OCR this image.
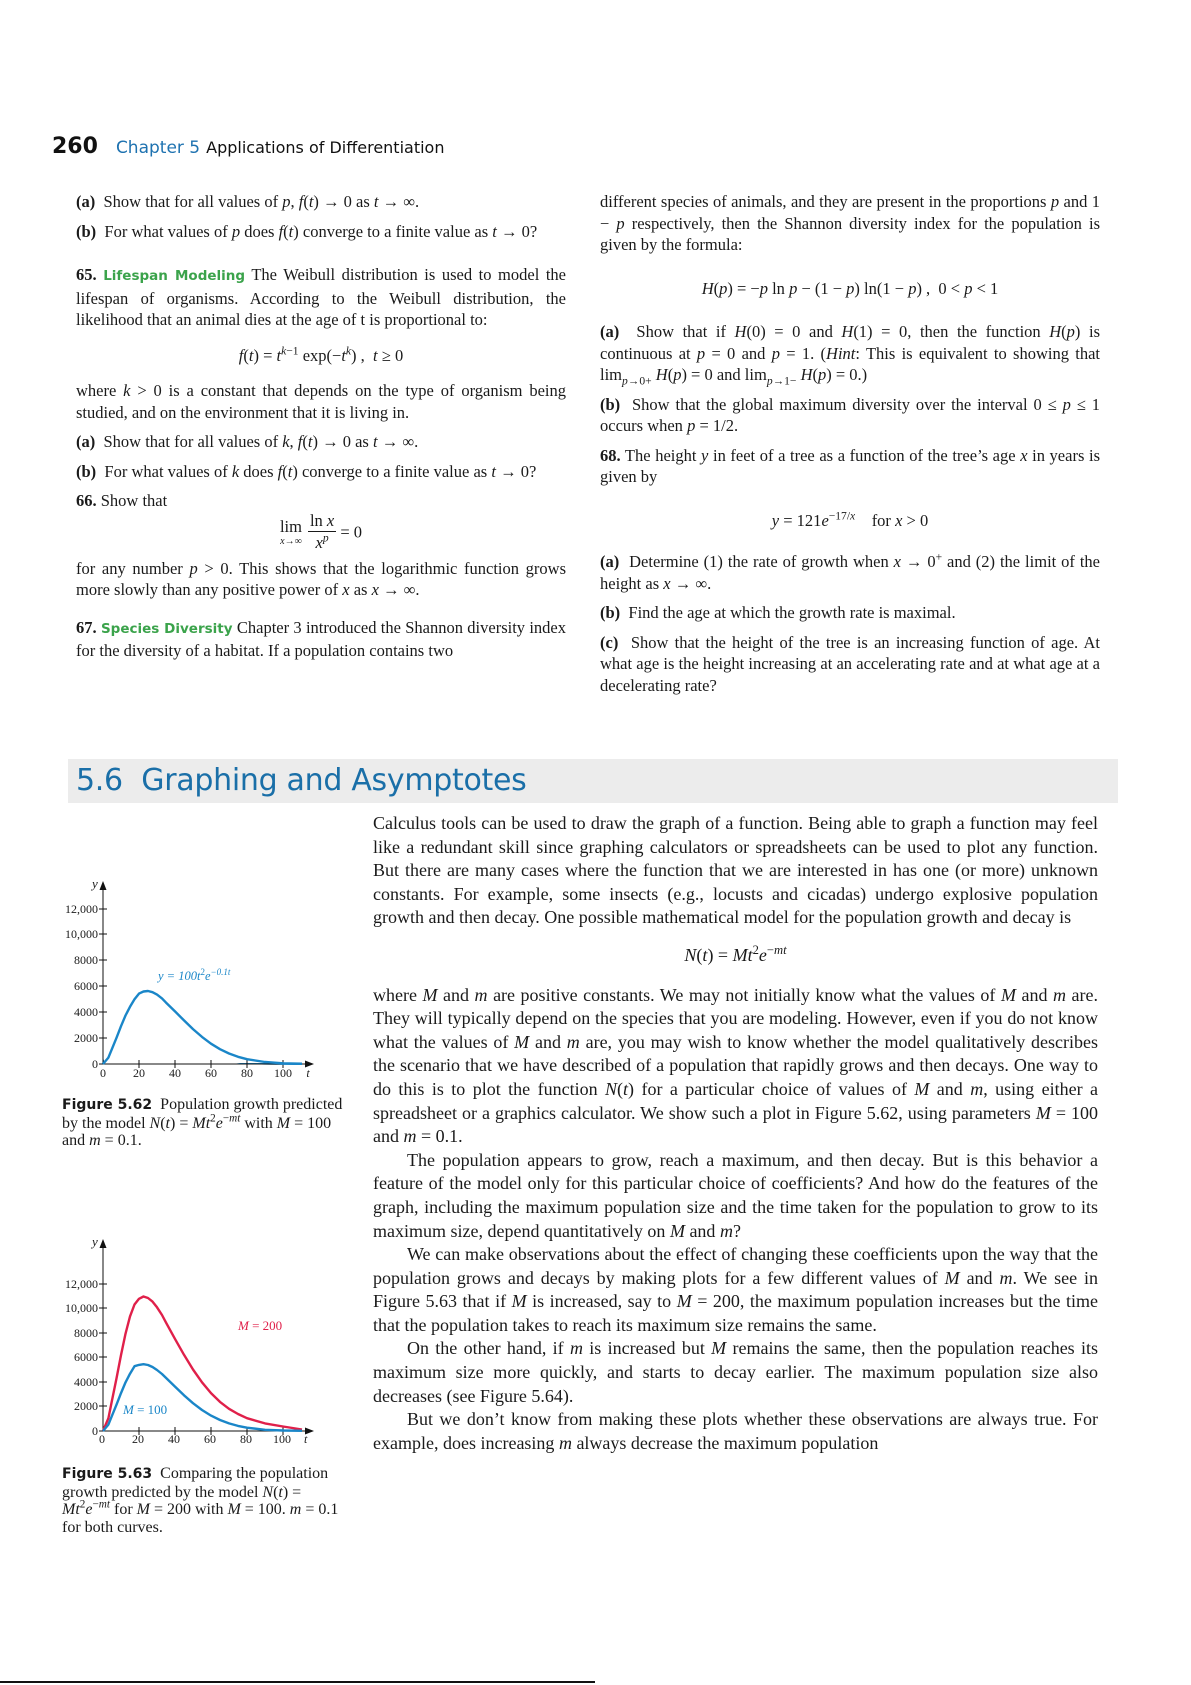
260 Chapter 5 Applications of Differentiation

(a)  Show that for all values of p, f(t) → 0 as t → ∞.

(b)  For what values of p does f(t) converge to a finite value as t → 0?

65. Lifespan Modeling The Weibull distribution is used to model the lifespan of organisms. According to the Weibull distribution, the likelihood that an animal dies at the age of t is proportional to:

$f(t) = t^{k-1}$ $\exp(-t^k)$ ,  t ≥ 0

where k > 0 is a constant that depends on the type of organism being studied, and on the environment that it is living in.

(a)  Show that for all values of k, f(t) → 0 as t → ∞.

(b)  For what values of k does f(t) converge to a finite value as t → 0?

66. Show that

lim

$x\to\infty \frac{\text{ln x}}{x^p} = 0$

for any number p > 0. This shows that the logarithmic function grows more slowly than any positive power of x as x → ∞.

67. Species Diversity Chapter 3 introduced the Shannon diversity index for the diversity of a habitat. If a population contains two

different species of animals, and they are present in the proportions p and 1 − p respectively, then the Shannon diversity index for the population is given by the formula:

H(p) = −p ln p − (1 − p) ln(1 − p) ,  0 < p < 1

(a)  Show that if H(0) = 0 and H(1) = 0, then the function H(p) is continuous at p = 0 and p = 1. (Hint: This is equivalent to showing that $\lim_{p\to 0+} H(p) = 0$ and $\lim_{p\to 1-} H(p) = 0$.)

(b)  Show that the global maximum diversity over the interval 0 ≤ p ≤ 1 occurs when p = 1/2.

68. The height y in feet of a tree as a function of the tree’s age x in years is given by

$y = 121e^{-17/x}$    for x > 0

(a)  Determine (1) the rate of growth when x → 0+ and (2) the limit of the height as x → ∞.

(b) Find the age at which the growth rate is maximal.

(c) Show that the height of the tree is an increasing function of age. At what age is the height increasing at an accelerating rate and at what age at a decelerating rate?

5.6 Graphing and Asymptotes
y
0
2000
4000
6000
8000
10,000
12,000
0 20 40 60 80 100 t
$y = 100t^2e^{-0.1t}$
Figure 5.62  Population growth predicted by the model $N(t) = Mt^2e^{-mt}$ with M = 100 and m = 0.1.
y
0
2000
4000
6000
8000
10,000
12,000
M = 200
M = 100
0 20 40 60 80 100 t
Figure 5.63  Comparing the population growth predicted by the model $N(t) = Mt^2e^{-mt}$ for M = 200 with M = 100. m = 0.1 for both curves.

Calculus tools can be used to draw the graph of a function. Being able to graph a function may feel like a redundant skill since graphing calculators or spreadsheets can be used to plot any function. But there are many cases where the function that we are interested in has one (or more) unknown constants. For example, some insects (e.g., locusts and cicadas) undergo explosive population growth and then decay. One possible mathematical model for the population growth and decay is

$N(t) = Mt^2e^{-mt}$

where M and m are positive constants. We may not initially know what the values of M and m are. They will typically depend on the species that you are modeling. However, even if you do not know what the values of M and m are, you may wish to know whether the model qualitatively describes the scenario that we have described of a population that rapidly grows and then decays. One way to do this is to plot the function N(t) for a particular choice of values of M and m, using either a spreadsheet or a graphics calculator. We show such a plot in Figure 5.62, using parameters M = 100 and m = 0.1.

The population appears to grow, reach a maximum, and then decay. But is this behavior a feature of the model only for this particular choice of coefficients? And how do the features of the graph, including the maximum population size and the time taken for the population to grow to its maximum size, depend quantitatively on M and m?

We can make observations about the effect of changing these coefficients upon the way that the population grows and decays by making plots for a few different values of M and m. We see in Figure 5.63 that if M is increased, say to M = 200, the maximum population increases but the time that the population takes to reach its maximum size remains the same.

On the other hand, if m is increased but M remains the same, then the population reaches its maximum size more quickly, and starts to decay earlier. The maximum population size also decreases (see Figure 5.64).

But we don’t know from making these plots whether these observations are always true. For example, does increasing m always decrease the maximum population
